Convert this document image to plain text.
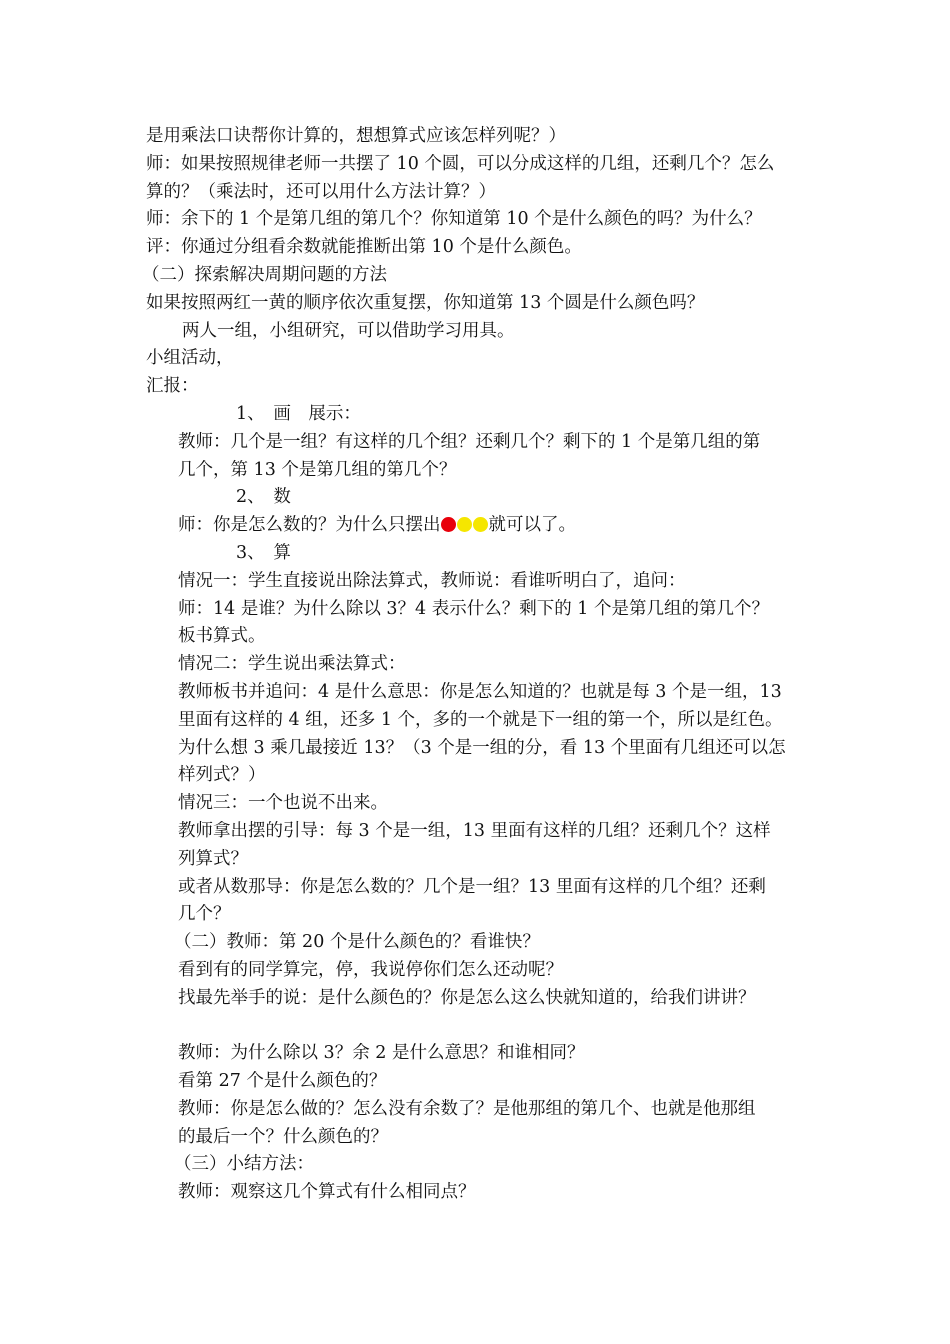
是用乘法口诀帮你计算的，想想算式应该怎样列呢？）
师：如果按照规律老师一共摆了 10 个圆，可以分成这样的几组，还剩几个？怎么
算的？（乘法时，还可以用什么方法计算？）
师：余下的 1 个是第几组的第几个？你知道第 10 个是什么颜色的吗？为什么？
评：你通过分组看余数就能推断出第 10 个是什么颜色。
（二）探索解决周期问题的方法
如果按照两红一黄的顺序依次重复摆，你知道第 13 个圆是什么颜色吗？
两人一组，小组研究，可以借助学习用具。
小组活动，
汇报：
1、　画　展示：
教师：几个是一组？有这样的几个组？还剩几个？剩下的 1 个是第几组的第
几个，第 13 个是第几组的第几个？
2、　数
师：你是怎么数的？为什么只摆出	就可以了。
3、　算
情况一：学生直接说出除法算式，教师说：看谁听明白了，追问：
师：14 是谁？为什么除以 3？4 表示什么？剩下的 1 个是第几组的第几个？
板书算式。
情况二：学生说出乘法算式：
教师板书并追问：4 是什么意思：你是怎么知道的？也就是每 3 个是一组，13
里面有这样的 4 组，还多 1 个，多的一个就是下一组的第一个，所以是红色。
为什么想 3 乘几最接近 13？（3 个是一组的分，看 13 个里面有几组还可以怎
样列式？）
情况三：一个也说不出来。
教师拿出摆的引导：每 3 个是一组，13 里面有这样的几组？还剩几个？这样
列算式？
或者从数那导：你是怎么数的？几个是一组？13 里面有这样的几个组？还剩
几个？
（二）教师：第 20 个是什么颜色的？看谁快？
看到有的同学算完，停，我说停你们怎么还动呢？
找最先举手的说：是什么颜色的？你是怎么这么快就知道的，给我们讲讲？
教师：为什么除以 3？余 2 是什么意思？和谁相同？
看第 27 个是什么颜色的？
教师：你是怎么做的？怎么没有余数了？是他那组的第几个、也就是他那组
的最后一个？什么颜色的？
（三）小结方法：
教师：观察这几个算式有什么相同点？
